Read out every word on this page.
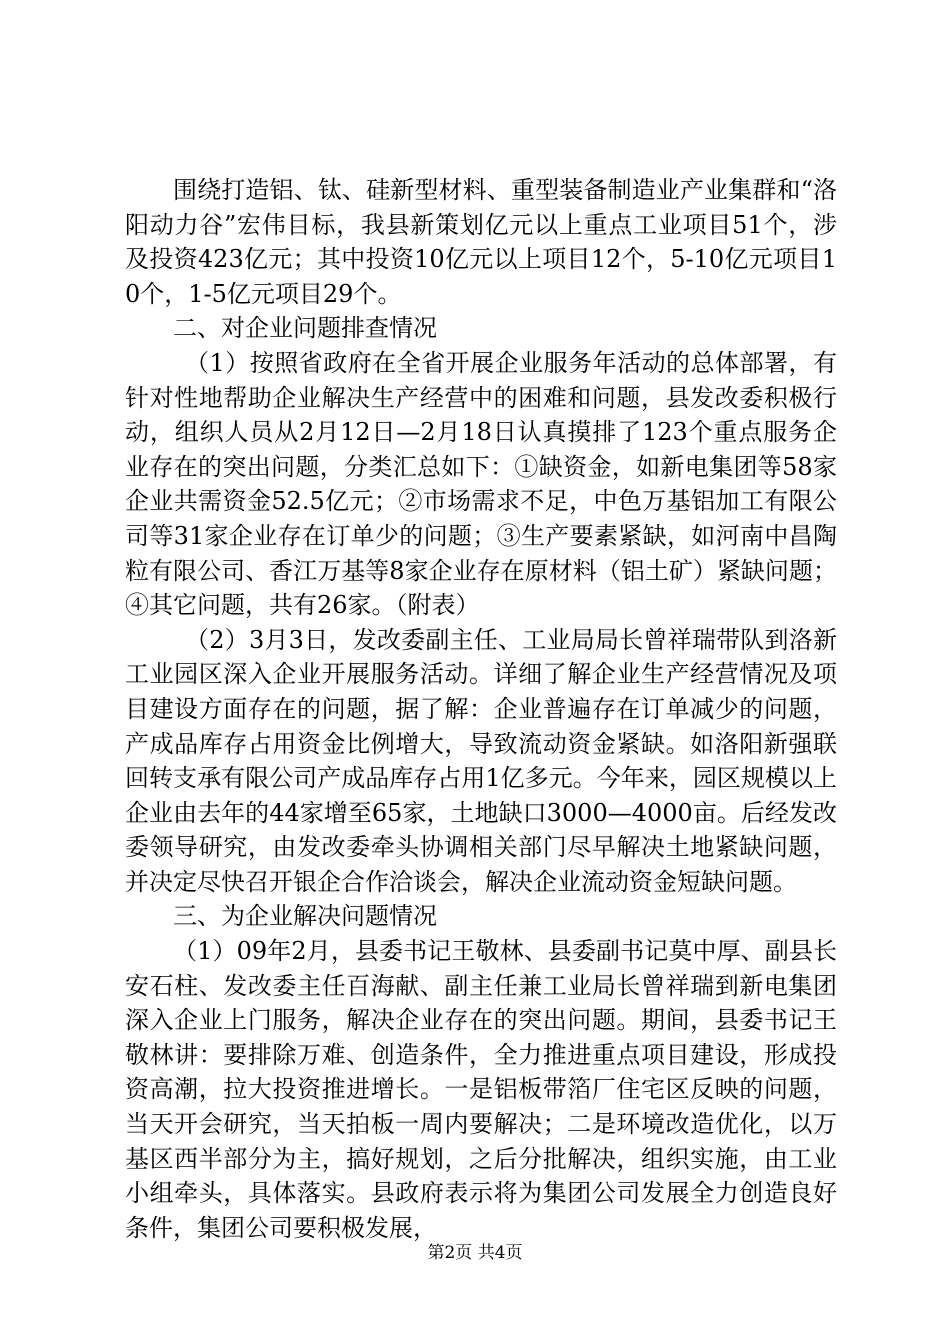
围绕打造铝、钛、硅新型材料、重型装备制造业产业集群和“洛阳动力谷”宏伟目标，我县新策划亿元以上重点工业项目51个，涉及投资423亿元；其中投资10亿元以上项目12个，5-10亿元项目10个，1-5亿元项目29个。

二、对企业问题排查情况

（1）按照省政府在全省开展企业服务年活动的总体部署，有针对性地帮助企业解决生产经营中的困难和问题，县发改委积极行动，组织人员从2月12日—2月18日认真摸排了123个重点服务企业存在的突出问题，分类汇总如下：①缺资金，如新电集团等58家企业共需资金52.5亿元；②市场需求不足，中色万基铝加工有限公司等31家企业存在订单少的问题；③生产要素紧缺，如河南中昌陶粒有限公司、香江万基等8家企业存在原材料（铝土矿）紧缺问题；④其它问题，共有26家。（附表）

（2）3月3日，发改委副主任、工业局局长曾祥瑞带队到洛新工业园区深入企业开展服务活动。详细了解企业生产经营情况及项目建设方面存在的问题，据了解：企业普遍存在订单减少的问题，产成品库存占用资金比例增大，导致流动资金紧缺。如洛阳新强联回转支承有限公司产成品库存占用1亿多元。今年来，园区规模以上企业由去年的44家增至65家，土地缺口3000—4000亩。后经发改委领导研究，由发改委牵头协调相关部门尽早解决土地紧缺问题，并决定尽快召开银企合作洽谈会，解决企业流动资金短缺问题。

三、为企业解决问题情况

（1）09年2月，县委书记王敬林、县委副书记莫中厚、副县长安石柱、发改委主任百海献、副主任兼工业局长曾祥瑞到新电集团深入企业上门服务，解决企业存在的突出问题。期间，县委书记王敬林讲：要排除万难、创造条件，全力推进重点项目建设，形成投资高潮，拉大投资推进增长。一是铝板带箔厂住宅区反映的问题，当天开会研究，当天拍板一周内要解决；二是环境改造优化，以万基区西半部分为主，搞好规划，之后分批解决，组织实施，由工业小组牵头，具体落实。县政府表示将为集团公司发展全力创造良好条件，集团公司要积极发展，

第2页 共4页
